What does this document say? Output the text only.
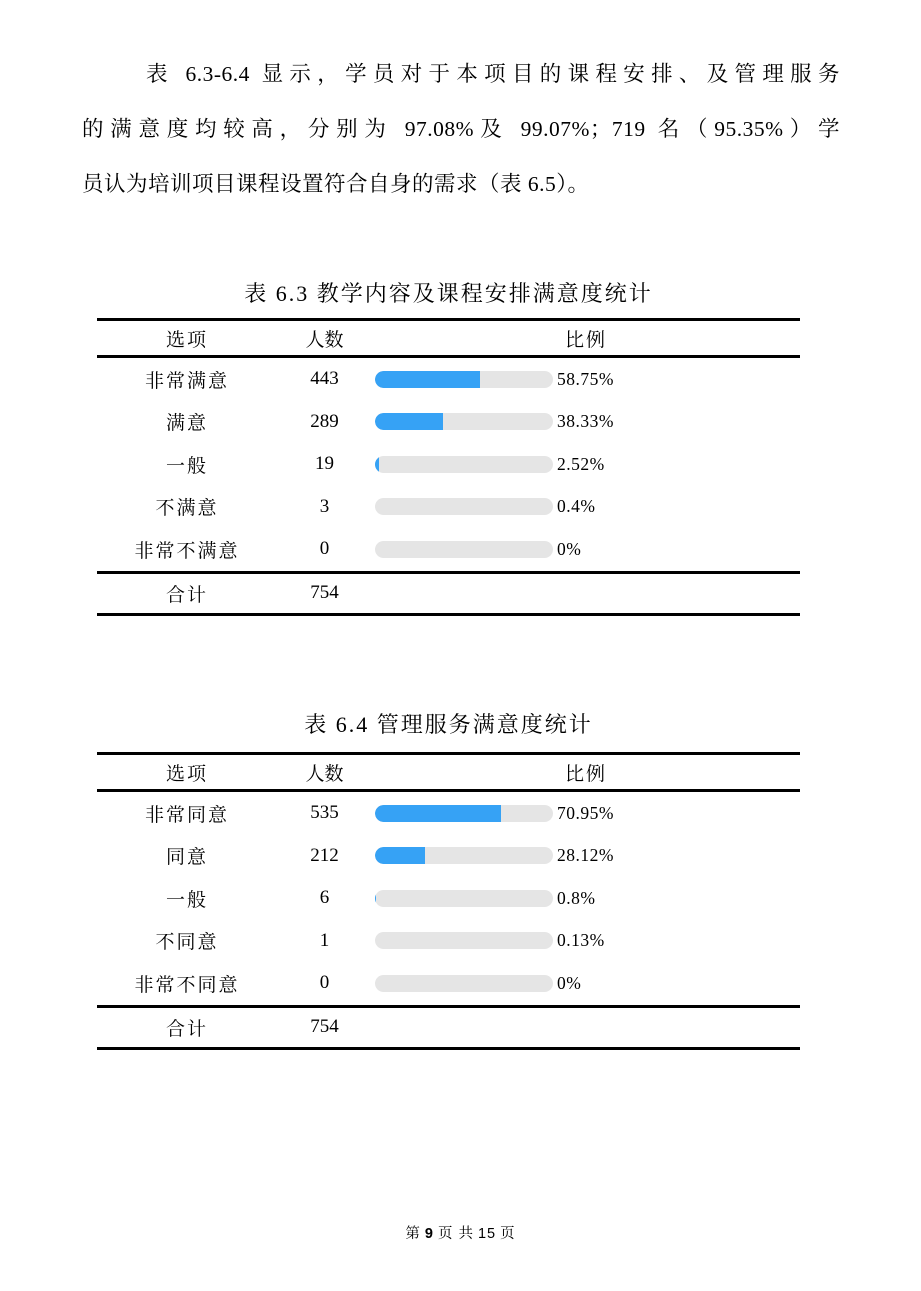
表 6.3-6.4 显示，学员对于本项目的课程安排、及管理服务
的满意度均较高，分别为 97.08%及 99.07%；719 名（95.35%）学
员认为培训项目课程设置符合自身的需求（表 6.5）。
表 6.3 教学内容及课程安排满意度统计
选项	人数	比例
非常满意	443	58.75%
满意	289	38.33%
一般	19	2.52%
不满意	3	0.4%
非常不满意	0	0%
合计	754
表 6.4 管理服务满意度统计
选项	人数	比例
非常同意	535	70.95%
同意	212	28.12%
一般	6	0.8%
不同意	1	0.13%
非常不同意	0	0%
合计	754
第 9 页 共 15 页
